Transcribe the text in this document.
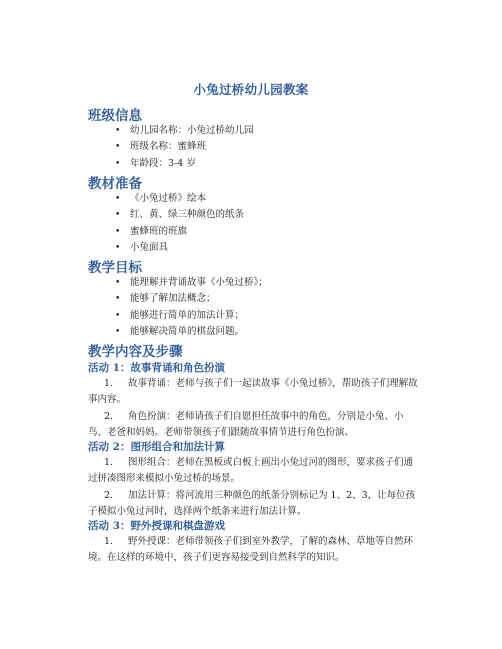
小兔过桥幼儿园教案
班级信息
• 幼儿园名称：小兔过桥幼儿园
• 班级名称：蜜蜂班
• 年龄段：3-4 岁
教材准备
• 《小兔过桥》绘本
• 红、黄、绿三种颜色的纸条
• 蜜蜂班的班旗
• 小兔面具
教学目标
• 能理解并背诵故事《小兔过桥》；
• 能够了解加法概念；
• 能够进行简单的加法计算；
• 能够解决简单的棋盘问题。
教学内容及步骤
活动 1：故事背诵和角色扮演
1. 故事背诵：老师与孩子们一起读故事《小兔过桥》，帮助孩子们理解故事内容。
2. 角色扮演：老师请孩子们自愿担任故事中的角色，分别是小兔、小鸟、老爸和妈妈。老师带领孩子们跟随故事情节进行角色扮演。
活动 2：图形组合和加法计算
1. 图形组合：老师在黑板或白板上画出小兔过河的图形，要求孩子们通过拼凑图形来模拟小兔过桥的场景。
2. 加法计算：将河流用三种颜色的纸条分别标记为 1、2、3，让每位孩子模拟小兔过河时，选择两个纸条来进行加法计算。
活动 3：野外授课和棋盘游戏
1. 野外授课：老师带领孩子们到室外教学，了解的森林、草地等自然环境。在这样的环境中，孩子们更容易接受到自然科学的知识。
